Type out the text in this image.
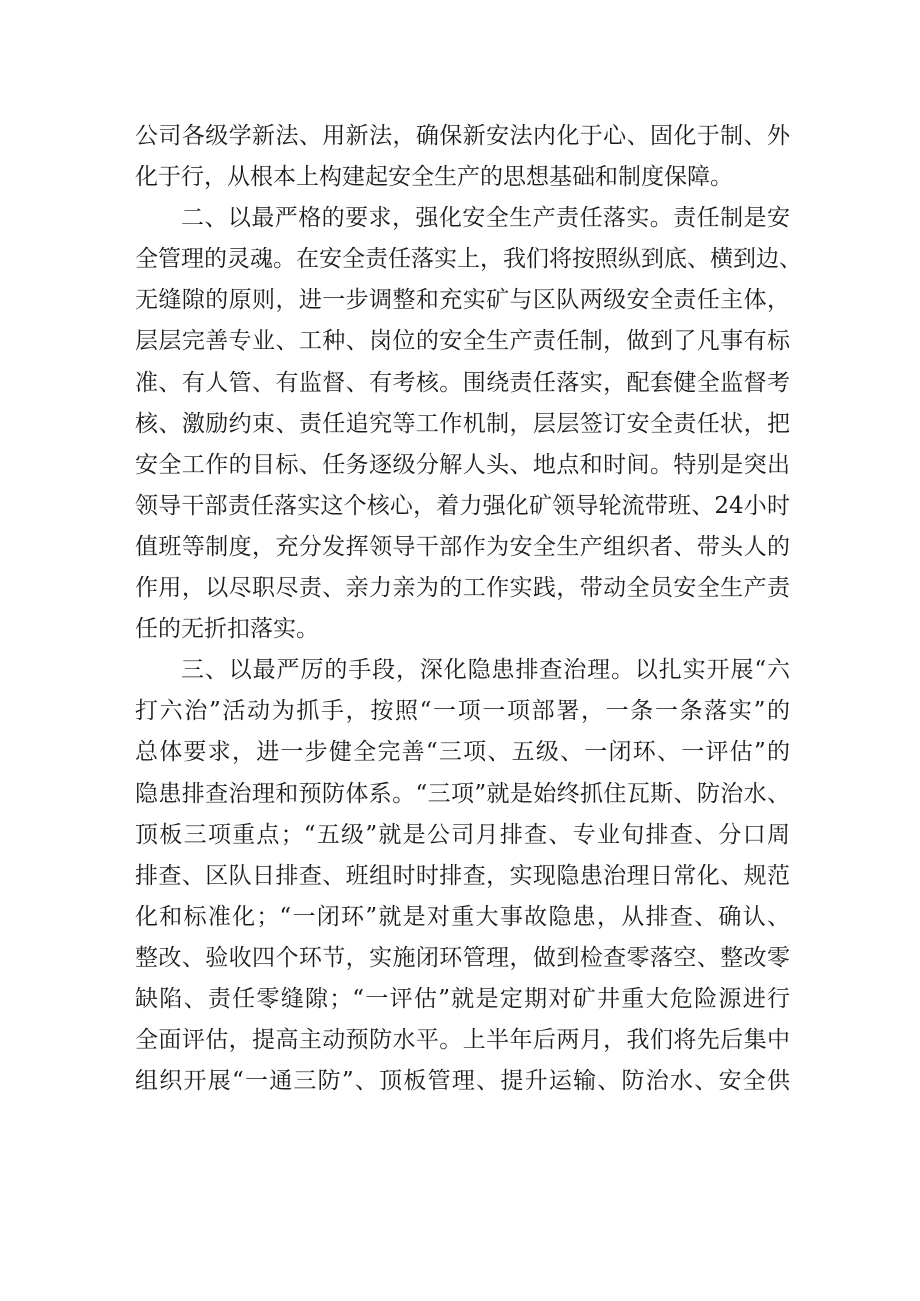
公司各级学新法、用新法，确保新安法内化于心、固化于制、外
化于行，从根本上构建起安全生产的思想基础和制度保障。
二、以最严格的要求，强化安全生产责任落实。责任制是安
全管理的灵魂。在安全责任落实上，我们将按照纵到底、横到边、
无缝隙的原则，进一步调整和充实矿与区队两级安全责任主体，
层层完善专业、工种、岗位的安全生产责任制，做到了凡事有标
准、有人管、有监督、有考核。围绕责任落实，配套健全监督考
核、激励约束、责任追究等工作机制，层层签订安全责任状，把
安全工作的目标、任务逐级分解人头、地点和时间。特别是突出
领导干部责任落实这个核心，着力强化矿领导轮流带班、24小时
值班等制度，充分发挥领导干部作为安全生产组织者、带头人的
作用，以尽职尽责、亲力亲为的工作实践，带动全员安全生产责
任的无折扣落实。
三、以最严厉的手段，深化隐患排查治理。以扎实开展“六
打六治”活动为抓手，按照“一项一项部署，一条一条落实”的
总体要求，进一步健全完善“三项、五级、一闭环、一评估”的
隐患排查治理和预防体系。“三项”就是始终抓住瓦斯、防治水、
顶板三项重点；“五级”就是公司月排查、专业旬排查、分口周
排查、区队日排查、班组时时排查，实现隐患治理日常化、规范
化和标准化；“一闭环”就是对重大事故隐患，从排查、确认、
整改、验收四个环节，实施闭环管理，做到检查零落空、整改零
缺陷、责任零缝隙；“一评估”就是定期对矿井重大危险源进行
全面评估，提高主动预防水平。上半年后两月，我们将先后集中
组织开展“一通三防”、顶板管理、提升运输、防治水、安全供
